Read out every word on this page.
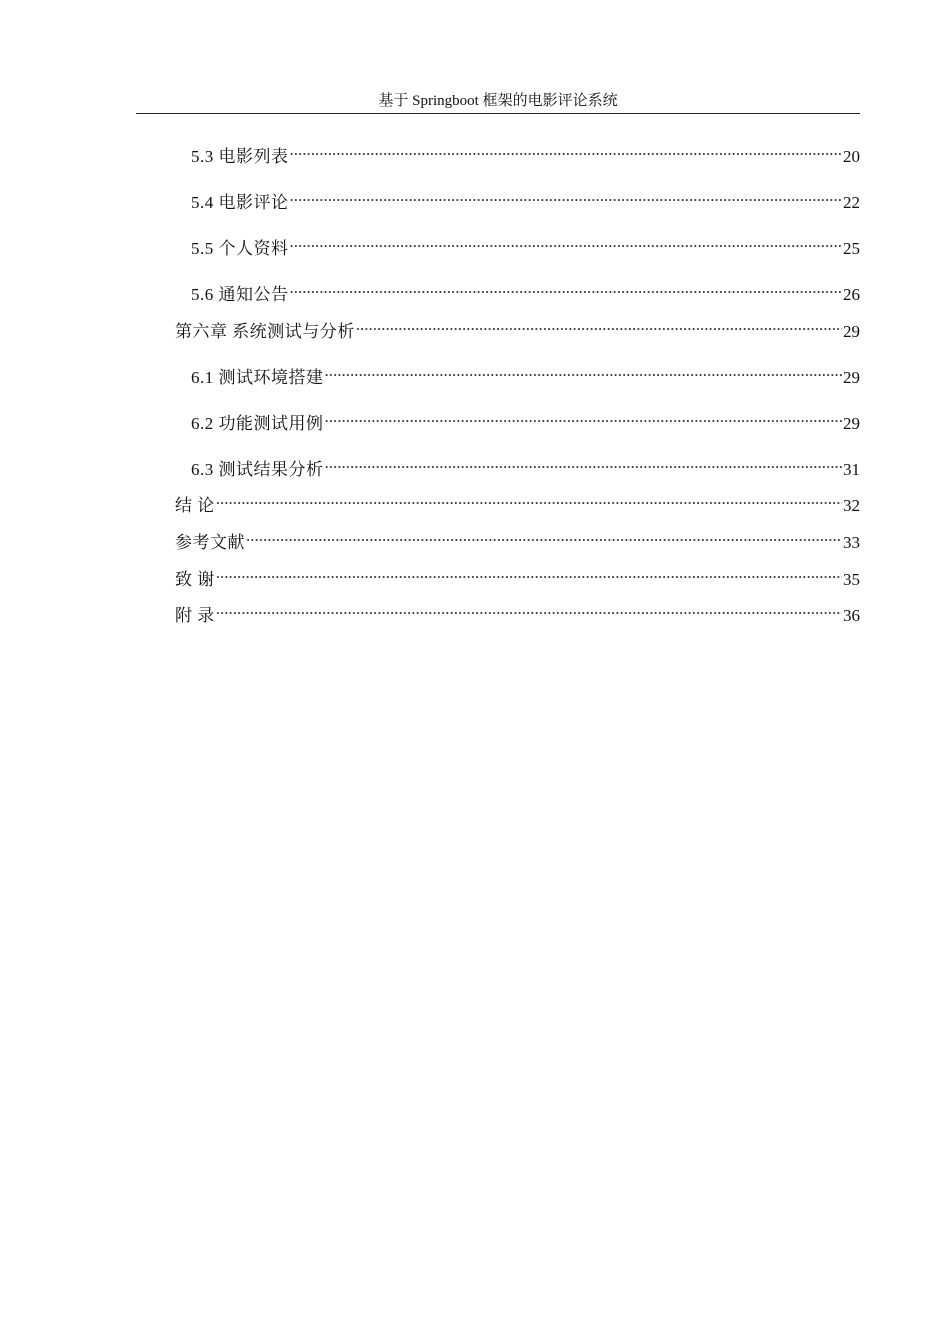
基于 Springboot 框架的电影评论系统
5.3 电影列表 .....	20
5.4 电影评论 .....	22
5.5 个人资料 .....	25
5.6 通知公告 .....	26
第六章 系统测试与分析 .....	29
6.1 测试环境搭建 .....	29
6.2 功能测试用例 .....	29
6.3 测试结果分析 .....	31
结 论 .....	32
参考文献 .....	33
致 谢 .....	35
附 录 .....	36
